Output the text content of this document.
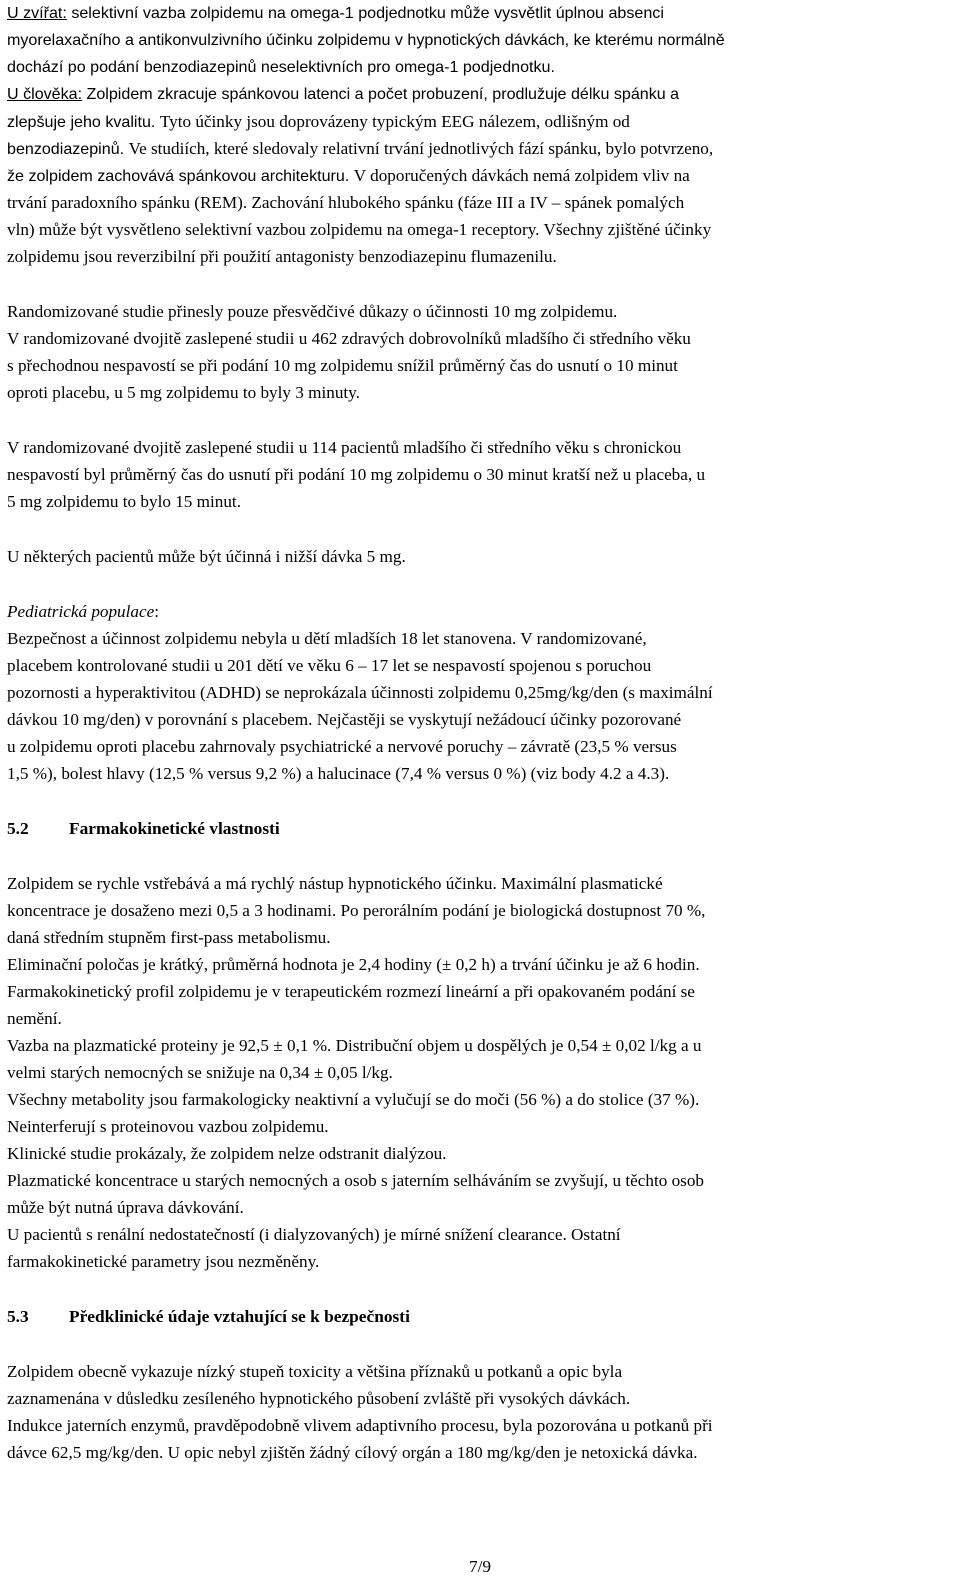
U zvířat: selektivní vazba zolpidemu na omega-1 podjednotku může vysvětlit úplnou absenci
myorelaxačního a antikonvulzivního účinku zolpidemu v hypnotických dávkách, ke kterému normálně
dochází po podání benzodiazepinů neselektivních pro omega-1 podjednotku.
U člověka: Zolpidem zkracuje spánkovou latenci a počet probuzení, prodlužuje délku spánku a
zlepšuje jeho kvalitu. Tyto účinky jsou doprovázeny typickým EEG nálezem, odlišným od
benzodiazepinů. Ve studiích, které sledovaly relativní trvání jednotlivých fází spánku, bylo potvrzeno,
že zolpidem zachovává spánkovou architekturu. V doporučených dávkách nemá zolpidem vliv na
trvání paradoxního spánku (REM). Zachování hlubokého spánku (fáze III a IV – spánek pomalých
vln) může být vysvětleno selektivní vazbou zolpidemu na omega-1 receptory. Všechny zjištěné účinky
zolpidemu jsou reverzibilní při použití antagonisty benzodiazepinu flumazenilu.
Randomizované studie přinesly pouze přesvědčivé důkazy o účinnosti 10 mg zolpidemu.
V randomizované dvojitě zaslepené studii u 462 zdravých dobrovolníků mladšího či středního věku
s přechodnou nespavostí se při podání 10 mg zolpidemu snížil průměrný čas do usnutí o 10 minut
oproti placebu, u 5 mg zolpidemu to byly 3 minuty.
V randomizované dvojitě zaslepené studii u 114 pacientů mladšího či středního věku s chronickou
nespavostí byl průměrný čas do usnutí při podání 10 mg zolpidemu o 30 minut kratší než u placeba, u
5 mg zolpidemu to bylo 15 minut.
U některých pacientů může být účinná i nižší dávka 5 mg.
Pediatrická populace:
Bezpečnost a účinnost zolpidemu nebyla u dětí mladších 18 let stanovena. V randomizované,
placebem kontrolované studii u 201 dětí ve věku 6 – 17 let se nespavostí spojenou s poruchou
pozornosti a hyperaktivitou (ADHD) se neprokázala účinnosti zolpidemu 0,25mg/kg/den (s maximální
dávkou 10 mg/den) v porovnání s placebem. Nejčastěji se vyskytují nežádoucí účinky pozorované
u zolpidemu oproti placebu zahrnovaly psychiatrické a nervové poruchy – závratě (23,5 % versus
1,5 %), bolest hlavy (12,5 % versus 9,2 %) a halucinace (7,4 % versus 0 %) (viz body 4.2 a 4.3).
5.2 Farmakokinetické vlastnosti
Zolpidem se rychle vstřebává a má rychlý nástup hypnotického účinku. Maximální plasmatické
koncentrace je dosaženo mezi 0,5 a 3 hodinami. Po perorálním podání je biologická dostupnost 70 %,
daná středním stupněm first-pass metabolismu.
Eliminační poločas je krátký, průměrná hodnota je 2,4 hodiny (± 0,2 h) a trvání účinku je až 6 hodin.
Farmakokinetický profil zolpidemu je v terapeutickém rozmezí lineární a při opakovaném podání se
nemění.
Vazba na plazmatické proteiny je 92,5 ± 0,1 %. Distribuční objem u dospělých je 0,54 ± 0,02 l/kg a u
velmi starých nemocných se snižuje na 0,34 ± 0,05 l/kg.
Všechny metabolity jsou farmakologicky neaktivní a vylučují se do moči (56 %) a do stolice (37 %).
Neinterferují s proteinovou vazbou zolpidemu.
Klinické studie prokázaly, že zolpidem nelze odstranit dialýzou.
Plazmatické koncentrace u starých nemocných a osob s jaterním selháváním se zvyšují, u těchto osob
může být nutná úprava dávkování.
U pacientů s renální nedostatečností (i dialyzovaných) je mírné snížení clearance. Ostatní
farmakokinetické parametry jsou nezměněny.
5.3 Předklinické údaje vztahující se k bezpečnosti
Zolpidem obecně vykazuje nízký stupeň toxicity a většina příznaků u potkanů a opic byla
zaznamenána v důsledku zesíleného hypnotického působení zvláště při vysokých dávkách.
Indukce jaterních enzymů, pravděpodobně vlivem adaptivního procesu, byla pozorována u potkanů při
dávce 62,5 mg/kg/den. U opic nebyl zjištěn žádný cílový orgán a 180 mg/kg/den je netoxická dávka.
7/9
